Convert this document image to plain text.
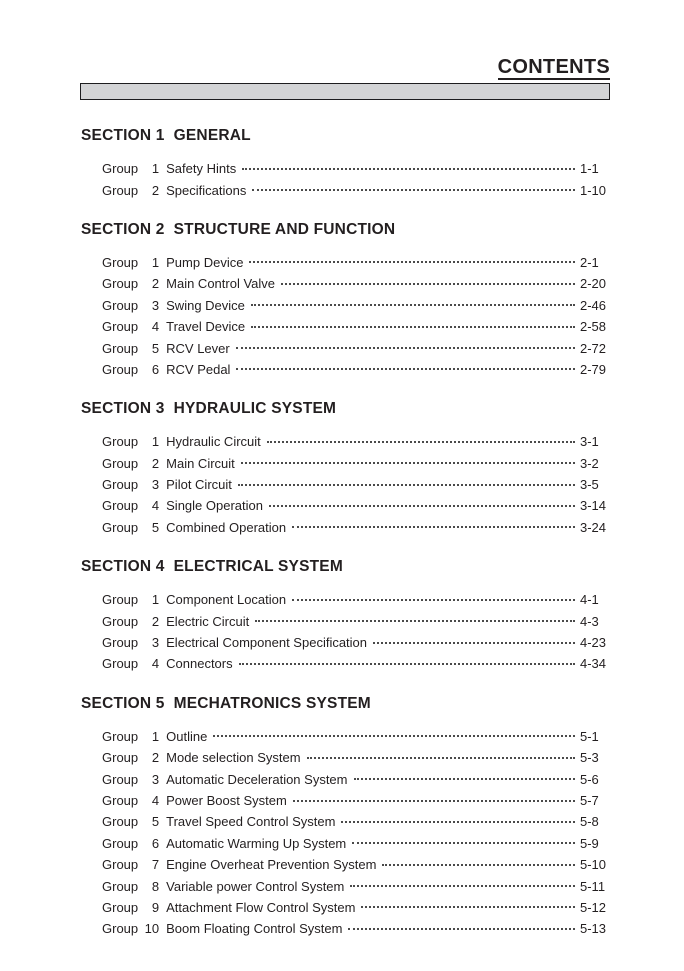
CONTENTS
SECTION 1 GENERAL
Group	1 Safety Hints	1-1
Group	2 Specifications	1-10
SECTION 2 STRUCTURE AND FUNCTION
Group	1 Pump Device	2-1
Group	2 Main Control Valve	2-20
Group	3 Swing Device	2-46
Group	4 Travel Device	2-58
Group	5 RCV Lever	2-72
Group	6 RCV Pedal	2-79
SECTION 3 HYDRAULIC SYSTEM
Group	1 Hydraulic Circuit	3-1
Group	2 Main Circuit	3-2
Group	3 Pilot Circuit	3-5
Group	4 Single Operation	3-14
Group	5 Combined Operation	3-24
SECTION 4 ELECTRICAL SYSTEM
Group	1 Component Location	4-1
Group	2 Electric Circuit	4-3
Group	3 Electrical Component Specification	4-23
Group	4 Connectors	4-34
SECTION 5 MECHATRONICS SYSTEM
Group	1 Outline	5-1
Group	2 Mode selection System	5-3
Group	3 Automatic Deceleration System	5-6
Group	4 Power Boost System	5-7
Group	5 Travel Speed Control System	5-8
Group	6 Automatic Warming Up System	5-9
Group	7 Engine Overheat Prevention System	5-10
Group	8 Variable power Control System	5-11
Group	9 Attachment Flow Control System	5-12
Group 10 Boom Floating Control System	5-13
